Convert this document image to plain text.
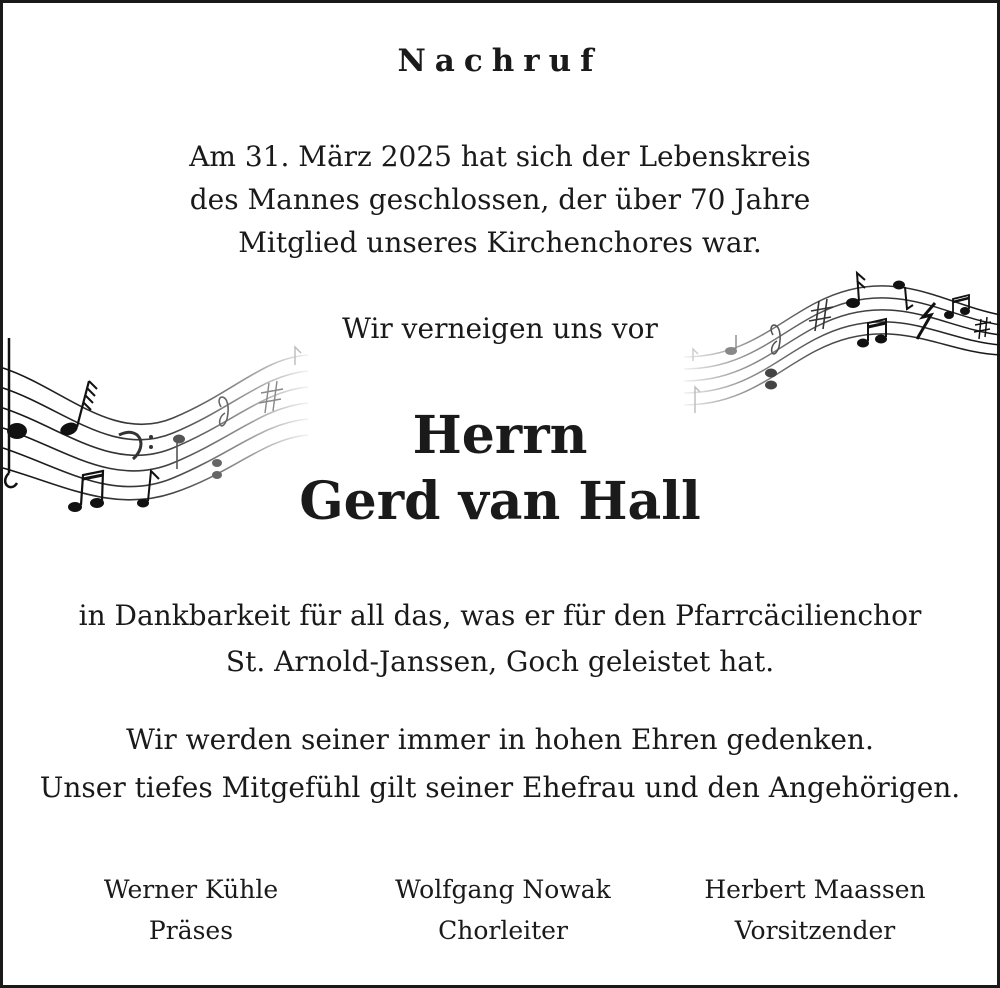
Nachruf
Am 31. März 2025 hat sich der Lebenskreis
des Mannes geschlossen, der über 70 Jahre
Mitglied unseres Kirchenchores war.
Wir verneigen uns vor
Herrn
Gerd van Hall
in Dankbarkeit für all das, was er für den Pfarrcäcilienchor
St. Arnold-Janssen, Goch geleistet hat.
Wir werden seiner immer in hohen Ehren gedenken.
Unser tiefes Mitgefühl gilt seiner Ehefrau und den Angehörigen.
Werner Kühle
Präses
Wolfgang Nowak
Chorleiter
Herbert Maassen
Vorsitzender
